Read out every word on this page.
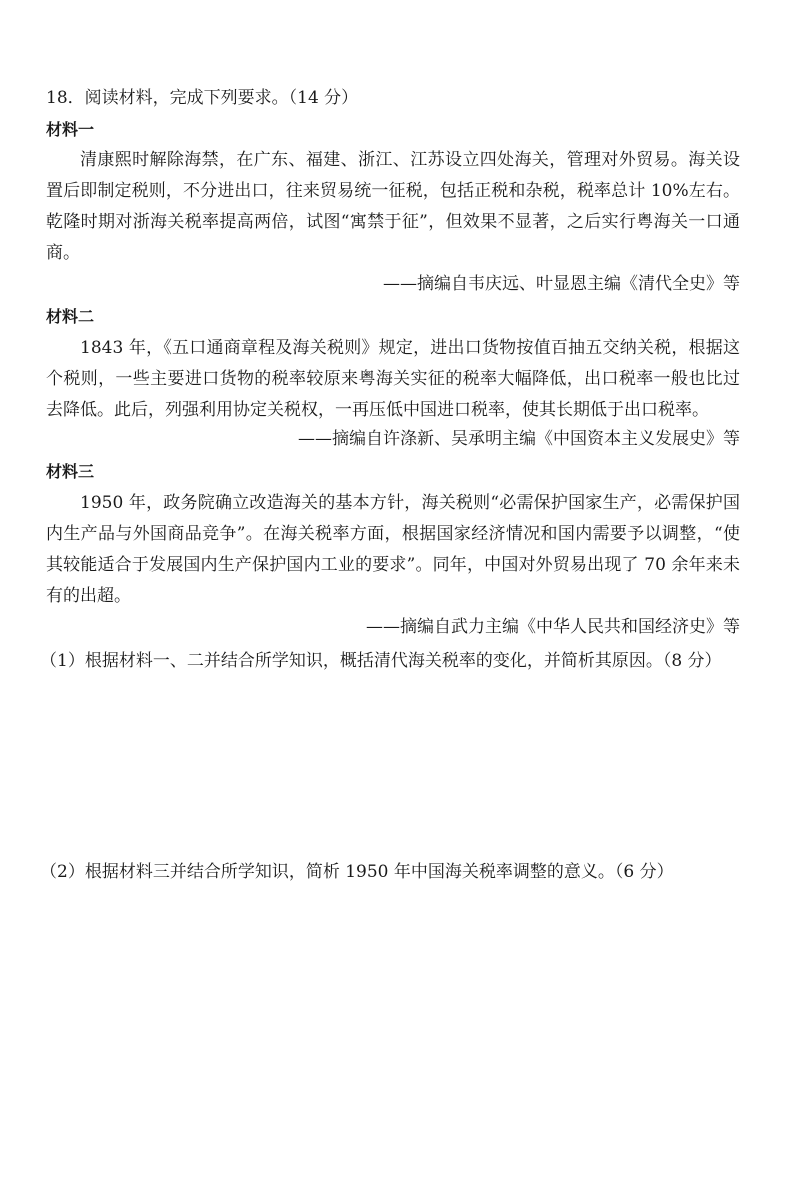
18．阅读材料，完成下列要求。（14 分）
材料一
清康熙时解除海禁，在广东、福建、浙江、江苏设立四处海关，管理对外贸易。海关设置后即制定税则，不分进出口，往来贸易统一征税，包括正税和杂税，税率总计 10%左右。乾隆时期对浙海关税率提高两倍，试图“寓禁于征”，但效果不显著，之后实行粤海关一口通商。
——摘编自韦庆远、叶显恩主编《清代全史》等
材料二
1843 年，《五口通商章程及海关税则》规定，进出口货物按值百抽五交纳关税，根据这个税则，一些主要进口货物的税率较原来粤海关实征的税率大幅降低，出口税率一般也比过去降低。此后，列强利用协定关税权，一再压低中国进口税率，使其长期低于出口税率。
——摘编自许涤新、吴承明主编《中国资本主义发展史》等
材料三
1950 年，政务院确立改造海关的基本方针，海关税则“必需保护国家生产，必需保护国内生产品与外国商品竞争”。在海关税率方面，根据国家经济情况和国内需要予以调整，“使其较能适合于发展国内生产保护国内工业的要求”。同年，中国对外贸易出现了 70 余年来未有的出超。
——摘编自武力主编《中华人民共和国经济史》等
（1）根据材料一、二并结合所学知识，概括清代海关税率的变化，并简析其原因。（8 分）
（2）根据材料三并结合所学知识，简析 1950 年中国海关税率调整的意义。（6 分）
